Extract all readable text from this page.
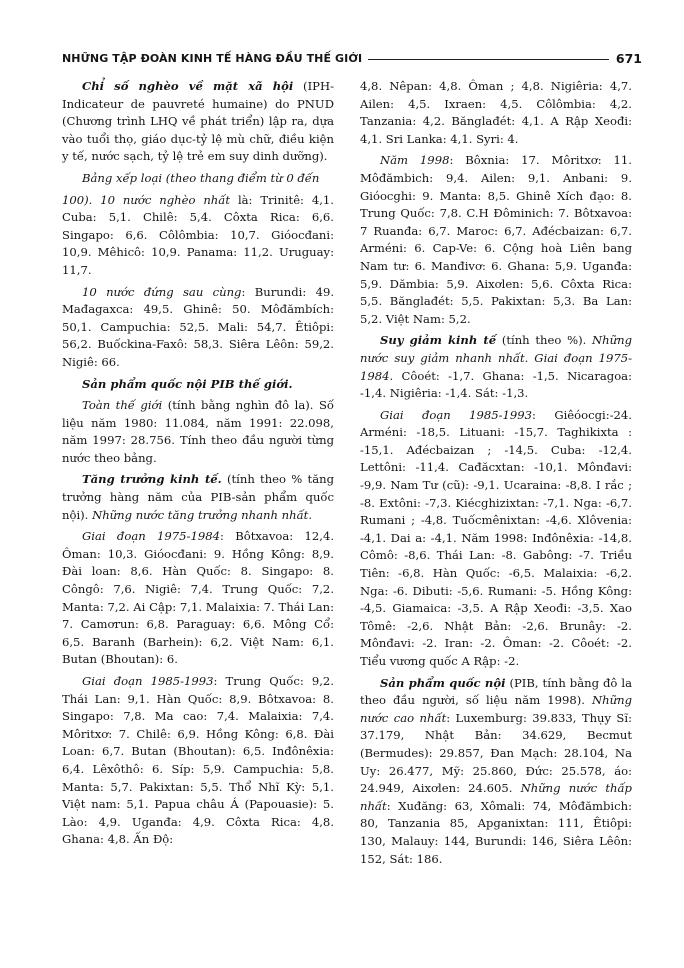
NHỮNG TẬP ĐOÀN KINH TẾ HÀNG ĐẦU THẾ GIỚI	671

Chỉ số nghèo về mặt xã hội (IPH-Indicateur de pauvreté humaine) do PNUD (Chương trình LHQ về phát triển) lập ra, dựa vào tuổi thọ, giáo dục-tỷ lệ mù chữ, điều kiện y tế, nước sạch, tỷ lệ trẻ em suy dinh dưỡng).

Bảng xếp loại (theo thang điểm từ 0 đến

100). 10 nước nghèo nhất là: Trinitê: 4,1. Cuba: 5,1. Chilê: 5,4. Côxta Rica: 6,6. Singapo: 6,6. Côlômbia: 10,7. Gióocđani: 10,9. Mêhicô: 10,9. Panama: 11,2. Uruguay: 11,7.

10 nước đứng sau cùng: Burundi: 49. Mađagaxca: 49,5. Ghinê: 50. Môđămbích: 50,1. Campuchia: 52,5. Mali: 54,7. Êtiôpi: 56,2. Buốckina-Faxô: 58,3. Siêra Lêôn: 59,2. Nigiê: 66.

Sản phẩm quốc nội PIB thế giới.

Toàn thế giới (tính bằng nghìn đô la). Số liệu năm 1980: 11.084, năm 1991: 22.098, năm 1997: 28.756. Tính theo đầu người từng nước theo bảng.

Tăng trưởng kinh tế. (tính theo % tăng trưởng hàng năm của PIB-sản phẩm quốc nội). Những nước tăng trưởng nhanh nhất.

Giai đoạn 1975-1984: Bôtxavoa: 12,4. Ôman: 10,3. Gióocđani: 9. Hồng Kông: 8,9. Đài loan: 8,6. Hàn Quốc: 8. Singapo: 8. Côngô: 7,6. Nigiê: 7,4. Trung Quốc: 7,2. Manta: 7,2. Ai Cập: 7,1. Malaixia: 7. Thái Lan: 7. Camơrun: 6,8. Paraguay: 6,6. Mông Cổ: 6,5. Baranh (Barhein): 6,2. Việt Nam: 6,1. Butan (Bhoutan): 6.

Giai đoạn 1985-1993: Trung Quốc: 9,2. Thái Lan: 9,1. Hàn Quốc: 8,9. Bôtxavoa: 8. Singapo: 7,8. Ma cao: 7,4. Malaixia: 7,4. Môritxơ: 7. Chilê: 6,9. Hồng Kông: 6,8. Đài Loan: 6,7. Butan (Bhoutan): 6,5. Inđônêxia: 6,4. Lêxôthô: 6. Síp: 5,9. Campuchia: 5,8. Manta: 5,7. Pakixtan: 5,5. Thổ Nhĩ Kỳ: 5,1. Việt nam: 5,1. Papua châu Á (Papouasie): 5. Lào: 4,9. Uganđa: 4,9. Côxta Rica: 4,8. Ghana: 4,8. Ấn Độ:

4,8. Nêpan: 4,8. Ôman ; 4,8. Nigiêria: 4,7. Ailen: 4,5. Ixraen: 4,5. Côlômbia: 4,2. Tanzania: 4,2. Bănglađét: 4,1. A Rập Xeođi: 4,1. Sri Lanka: 4,1. Syri: 4.

Năm 1998: Bôxnia: 17. Môritxơ: 11. Môđămbich: 9,4. Ailen: 9,1. Anbani: 9. Gióocghi: 9. Manta: 8,5. Ghinê Xích đạo: 8. Trung Quốc: 7,8. C.H Đôminich: 7. Bôtxavoa: 7 Ruanđa: 6,7. Maroc: 6,7. Ađécbaizan: 6,7. Arméni: 6. Cap-Ve: 6. Cộng hoà Liên bang Nam tư: 6. Manđivơ: 6. Ghana: 5,9. Uganđa: 5,9. Dămbia: 5,9. Aixơlen: 5,6. Côxta Rica: 5,5. Bănglađét: 5,5. Pakixtan: 5,3. Ba Lan: 5,2. Việt Nam: 5,2.

Suy giảm kinh tế (tính theo %). Những nước suy giảm nhanh nhất. Giai đoạn 1975-1984. Côoét: -1,7. Ghana: -1,5. Nicaragoa: -1,4. Nigiêria: -1,4. Sát: -1,3.

Giai đoạn 1985-1993: Giêóocgi:-24. Arméni: -18,5. Lituani: -15,7. Taghikixta : -15,1. Ađécbaizan ; -14,5. Cuba: -12,4. Lettôni: -11,4. Cađăcxtan: -10,1. Mônđavi: -9,9. Nam Tư (cũ): -9,1. Ucaraina: -8,8. I rắc ; -8. Extôni: -7,3. Kiécghizixtan: -7,1. Nga: -6,7. Rumani ; -4,8. Tuốcmênixtan: -4,6. Xlôvenia: -4,1. Dai a: -4,1. Năm 1998: Inđônêxia: -14,8. Cômô: -8,6. Thái Lan: -8. Gabông: -7. Triều Tiên: -6,8. Hàn Quốc: -6,5. Malaixia: -6,2. Nga: -6. Dibuti: -5,6. Rumani: -5. Hồng Kông: -4,5. Giamaica: -3,5. A Rập Xeođi: -3,5. Xao Tômê: -2,6. Nhật Bản: -2,6. Brunây: -2. Mônđavi: -2. Iran: -2. Ôman: -2. Côoét: -2. Tiểu vương quốc A Rập: -2.

Sản phẩm quốc nội (PIB, tính bằng đô la theo đầu người, số liệu năm 1998). Những nước cao nhất: Luxemburg: 39.833, Thụy Sĩ: 37.179, Nhật Bản: 34.629, Becmut (Bermudes): 29.857, Đan Mạch: 28.104, Na Uy: 26.477, Mỹ: 25.860, Đức: 25.578, áo: 24.949, Aixơlen: 24.605. Những nước thấp nhất: Xuđăng: 63, Xômali: 74, Môđămbich: 80, Tanzania 85, Apganixtan: 111, Êtiôpi: 130, Malauy: 144, Burundi: 146, Siêra Lêôn: 152, Sát: 186.
